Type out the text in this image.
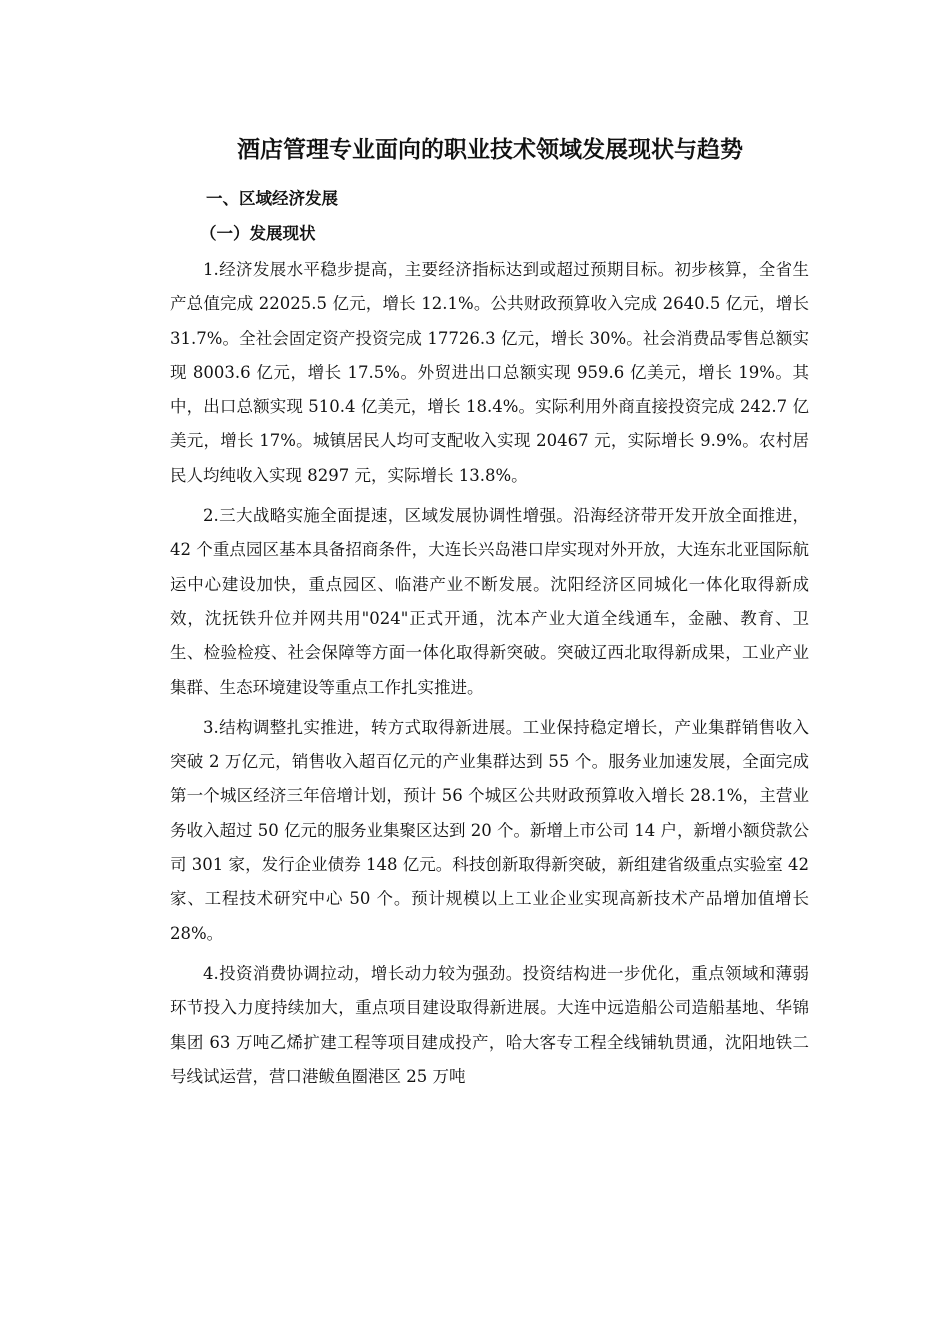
酒店管理专业面向的职业技术领域发展现状与趋势
一、区域经济发展
（一）发展现状

1.经济发展水平稳步提高，主要经济指标达到或超过预期目标。初步核算，全省生产总值完成 22025.5 亿元，增长 12.1%。公共财政预算收入完成 2640.5 亿元，增长 31.7%。全社会固定资产投资完成 17726.3 亿元，增长 30%。社会消费品零售总额实现 8003.6 亿元，增长 17.5%。外贸进出口总额实现 959.6 亿美元，增长 19%。其中，出口总额实现 510.4 亿美元，增长 18.4%。实际利用外商直接投资完成 242.7 亿美元，增长 17%。城镇居民人均可支配收入实现 20467 元，实际增长 9.9%。农村居民人均纯收入实现 8297 元，实际增长 13.8%。

2.三大战略实施全面提速，区域发展协调性增强。沿海经济带开发开放全面推进，42 个重点园区基本具备招商条件，大连长兴岛港口岸实现对外开放，大连东北亚国际航运中心建设加快，重点园区、临港产业不断发展。沈阳经济区同城化一体化取得新成效，沈抚铁升位并网共用"024"正式开通，沈本产业大道全线通车，金融、教育、卫生、检验检疫、社会保障等方面一体化取得新突破。突破辽西北取得新成果，工业产业集群、生态环境建设等重点工作扎实推进。

3.结构调整扎实推进，转方式取得新进展。工业保持稳定增长，产业集群销售收入突破 2 万亿元，销售收入超百亿元的产业集群达到 55 个。服务业加速发展，全面完成第一个城区经济三年倍增计划，预计 56 个城区公共财政预算收入增长 28.1%，主营业务收入超过 50 亿元的服务业集聚区达到 20 个。新增上市公司 14 户，新增小额贷款公司 301 家，发行企业债券 148 亿元。科技创新取得新突破，新组建省级重点实验室 42 家、工程技术研究中心 50 个。预计规模以上工业企业实现高新技术产品增加值增长 28%。

4.投资消费协调拉动，增长动力较为强劲。投资结构进一步优化，重点领域和薄弱环节投入力度持续加大，重点项目建设取得新进展。大连中远造船公司造船基地、华锦集团 63 万吨乙烯扩建工程等项目建成投产，哈大客专工程全线铺轨贯通，沈阳地铁二号线试运营，营口港鲅鱼圈港区 25 万吨
